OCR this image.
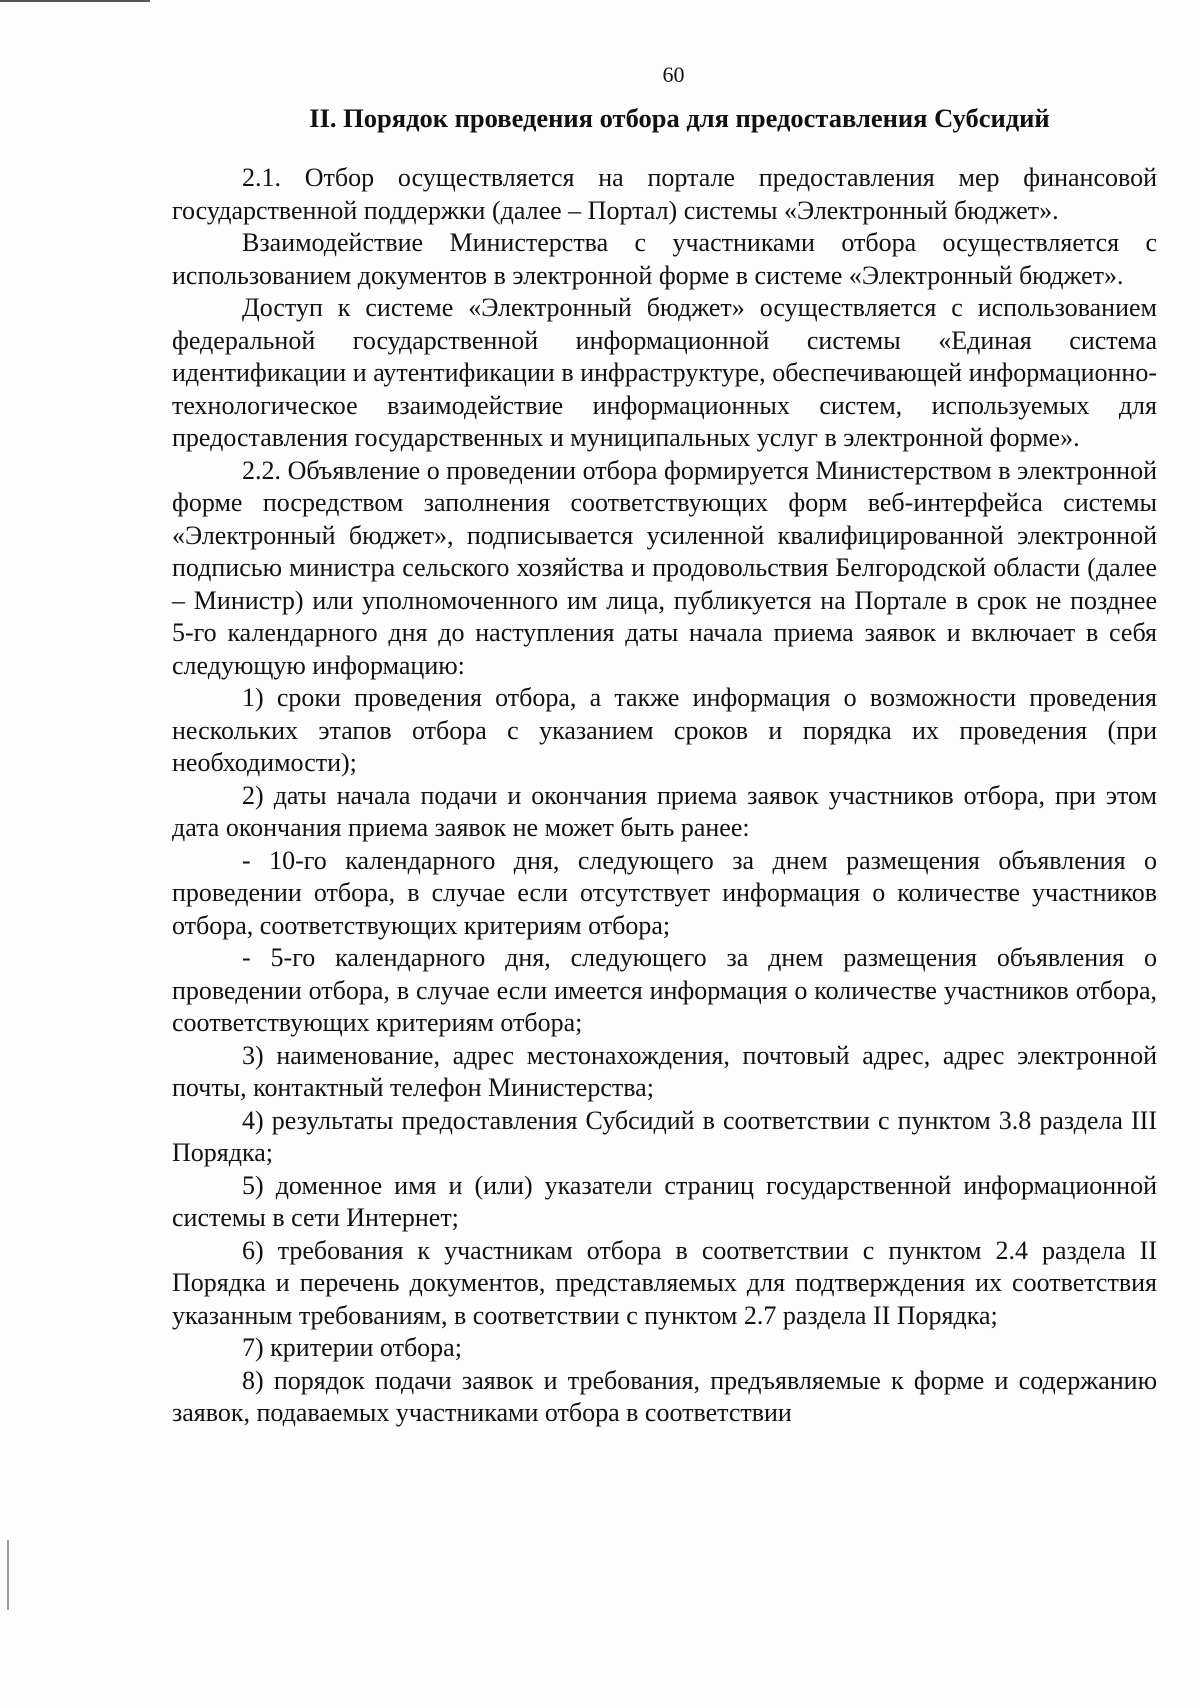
60
II. Порядок проведения отбора для предоставления Субсидий

2.1. Отбор осуществляется на портале предоставления мер финансовой государственной поддержки (далее – Портал) системы «Электронный бюджет».

Взаимодействие Министерства с участниками отбора осуществляется с использованием документов в электронной форме в системе «Электронный бюджет».

Доступ к системе «Электронный бюджет» осуществляется с использованием федеральной государственной информационной системы «Единая система идентификации и аутентификации в инфраструктуре, обеспечивающей информационно-технологическое взаимодействие информационных систем, используемых для предоставления государственных и муниципальных услуг в электронной форме».

2.2. Объявление о проведении отбора формируется Министерством в электронной форме посредством заполнения соответствующих форм веб-интерфейса системы «Электронный бюджет», подписывается усиленной квалифицированной электронной подписью министра сельского хозяйства и продовольствия Белгородской области (далее – Министр) или уполномоченного им лица, публикуется на Портале в срок не позднее 5-го календарного дня до наступления даты начала приема заявок и включает в себя следующую информацию:

1) сроки проведения отбора, а также информация о возможности проведения нескольких этапов отбора с указанием сроков и порядка их проведения (при необходимости);

2) даты начала подачи и окончания приема заявок участников отбора, при этом дата окончания приема заявок не может быть ранее:

- 10-го календарного дня, следующего за днем размещения объявления о проведении отбора, в случае если отсутствует информация о количестве участников отбора, соответствующих критериям отбора;

- 5-го календарного дня, следующего за днем размещения объявления о проведении отбора, в случае если имеется информация о количестве участников отбора, соответствующих критериям отбора;

3) наименование, адрес местонахождения, почтовый адрес, адрес электронной почты, контактный телефон Министерства;

4) результаты предоставления Субсидий в соответствии с пунктом 3.8 раздела III Порядка;

5) доменное имя и (или) указатели страниц государственной информационной системы в сети Интернет;

6) требования к участникам отбора в соответствии с пунктом 2.4 раздела II Порядка и перечень документов, представляемых для подтверждения их соответствия указанным требованиям, в соответствии с пунктом 2.7 раздела II Порядка;

7) критерии отбора;

8) порядок подачи заявок и требования, предъявляемые к форме и содержанию заявок, подаваемых участниками отбора в соответствии
